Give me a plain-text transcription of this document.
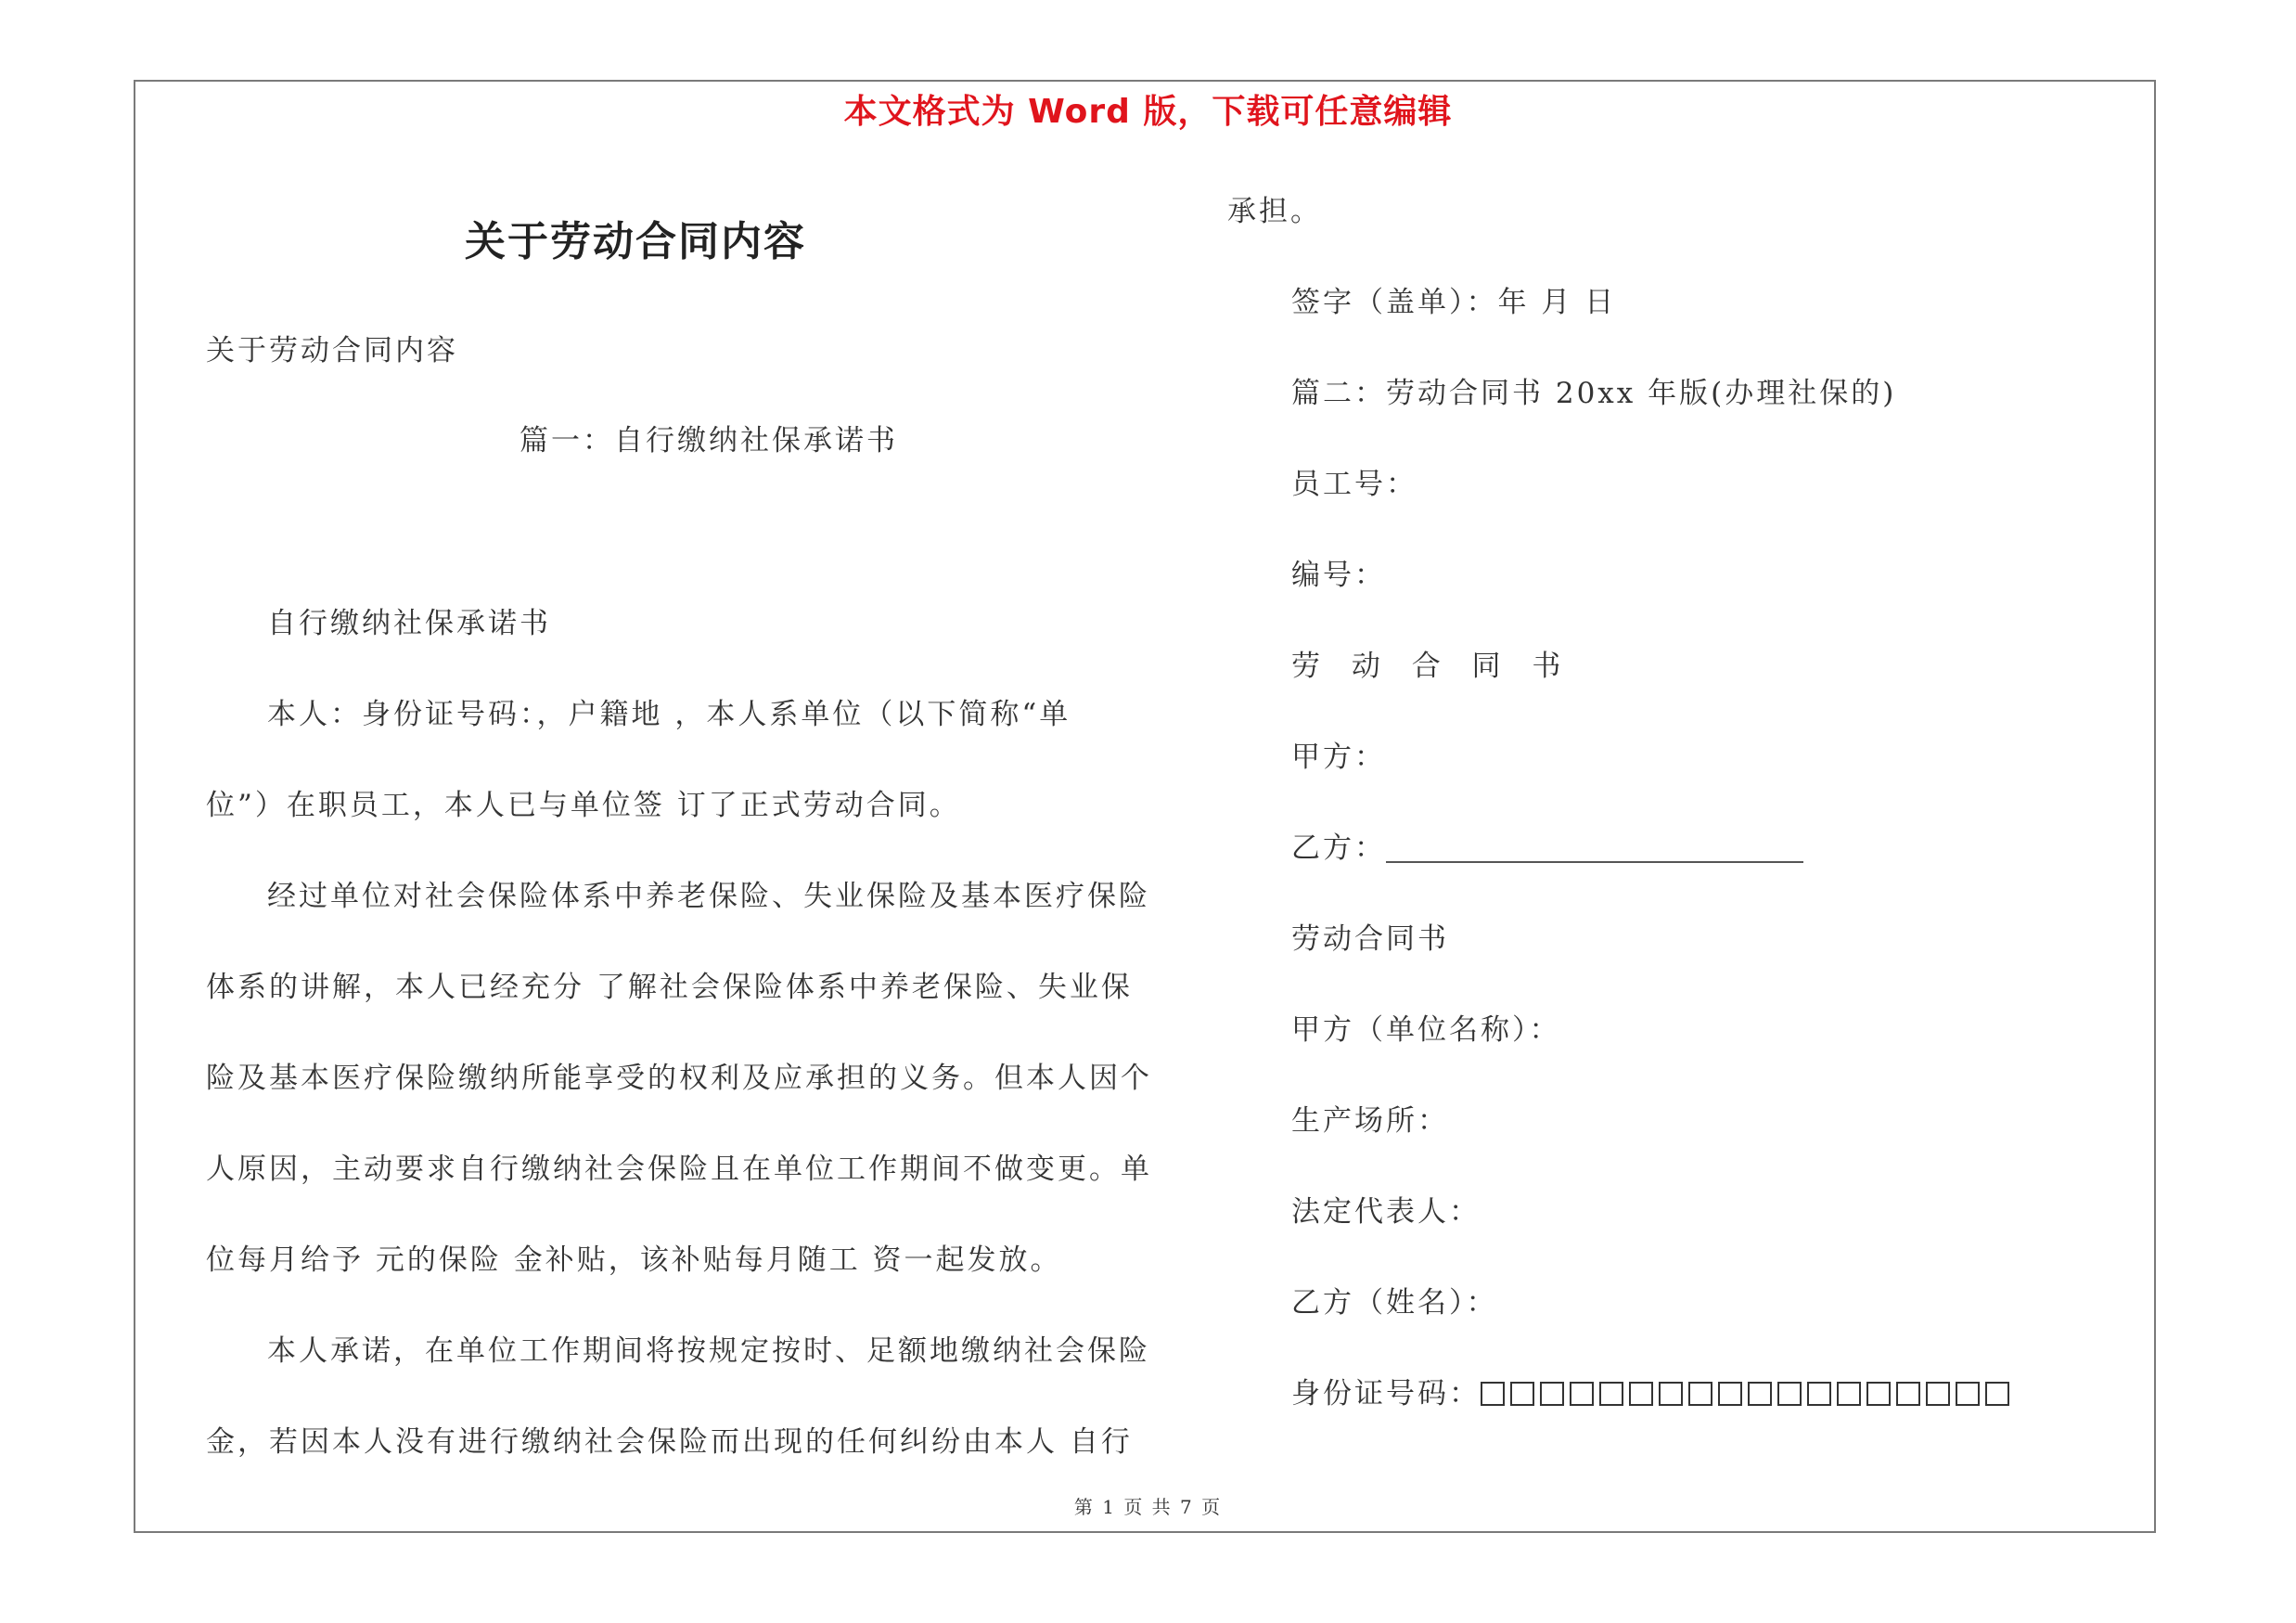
本文格式为 Word 版，下载可任意编辑
关于劳动合同内容
关于劳动合同内容
篇一：自行缴纳社保承诺书
自行缴纳社保承诺书
本人：身份证号码：，户籍地 ，本人系单位（以下简称“单
位”）在职员工，本人已与单位签 订了正式劳动合同。
经过单位对社会保险体系中养老保险、失业保险及基本医疗保险
体系的讲解，本人已经充分 了解社会保险体系中养老保险、失业保
险及基本医疗保险缴纳所能享受的权利及应承担的义务。但本人因个
人原因，主动要求自行缴纳社会保险且在单位工作期间不做变更。单
位每月给予 元的保险 金补贴，该补贴每月随工 资一起发放。
本人承诺，在单位工作期间将按规定按时、足额地缴纳社会保险
金，若因本人没有进行缴纳社会保险而出现的任何纠纷由本人 自行
承担。
签字（盖单）：年 月 日
篇二：劳动合同书 20xx 年版(办理社保的)
员工号：
编号：
劳 动 合 同 书
甲方：
乙方：
劳动合同书
甲方（单位名称）：
生产场所：
法定代表人：
乙方（姓名）：
身份证号码：
第 1 页 共 7 页
